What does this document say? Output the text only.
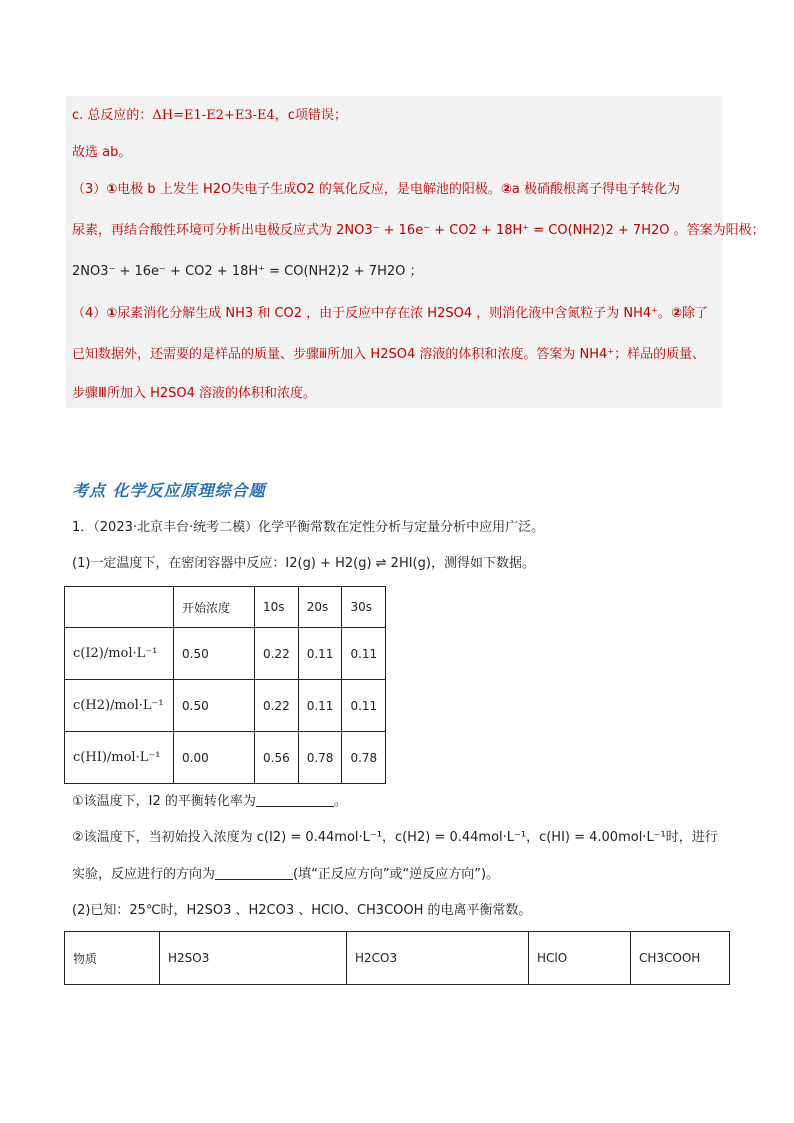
c. 总反应的：ΔH=E1-E2+E3-E4，c项错误；
故选 ab。
（3）①电极 b 上发生 H2O失电子生成O2 的氧化反应，是电解池的阳极。②a 极硝酸根离子得电子转化为
尿素，再结合酸性环境可分析出电极反应式为 2NO3⁻ + 16e⁻ + CO2 + 18H⁺ = CO(NH2)2 + 7H2O 。答案为阳极；
2NO3⁻ + 16e⁻ + CO2 + 18H⁺ = CO(NH2)2 + 7H2O ；
（4）①尿素消化分解生成 NH3 和 CO2 ，由于反应中存在浓 H2SO4 ，则消化液中含氮粒子为 NH4⁺。②除了
已知数据外，还需要的是样品的质量、步骤ⅲ所加入 H2SO4 溶液的体积和浓度。答案为 NH4⁺；样品的质量、
步骤Ⅲ所加入 H2SO4 溶液的体积和浓度。
考点 化学反应原理综合题
1．（2023·北京丰台·统考二模）化学平衡常数在定性分析与定量分析中应用广泛。
(1)一定温度下，在密闭容器中反应：I2(g) + H2(g) ⇌ 2HI(g)，测得如下数据。
	开始浓度	10s	20s	30s
c(I2)/mol·L⁻¹	0.50	0.22	0.11	0.11
c(H2)/mol·L⁻¹	0.50	0.22	0.11	0.11
c(HI)/mol·L⁻¹	0.00	0.56	0.78	0.78
①该温度下，I2 的平衡转化率为	。
②该温度下，当初始投入浓度为 c(I2) = 0.44mol·L⁻¹，c(H2) = 0.44mol·L⁻¹，c(HI) = 4.00mol·L⁻¹时，进行
实验，反应进行的方向为	(填“正反应方向”或“逆反应方向”)。
(2)已知：25℃时，H2SO3 、H2CO3 、HClO、CH3COOH 的电离平衡常数。
物质	H2SO3	H2CO3	HClO	CH3COOH
